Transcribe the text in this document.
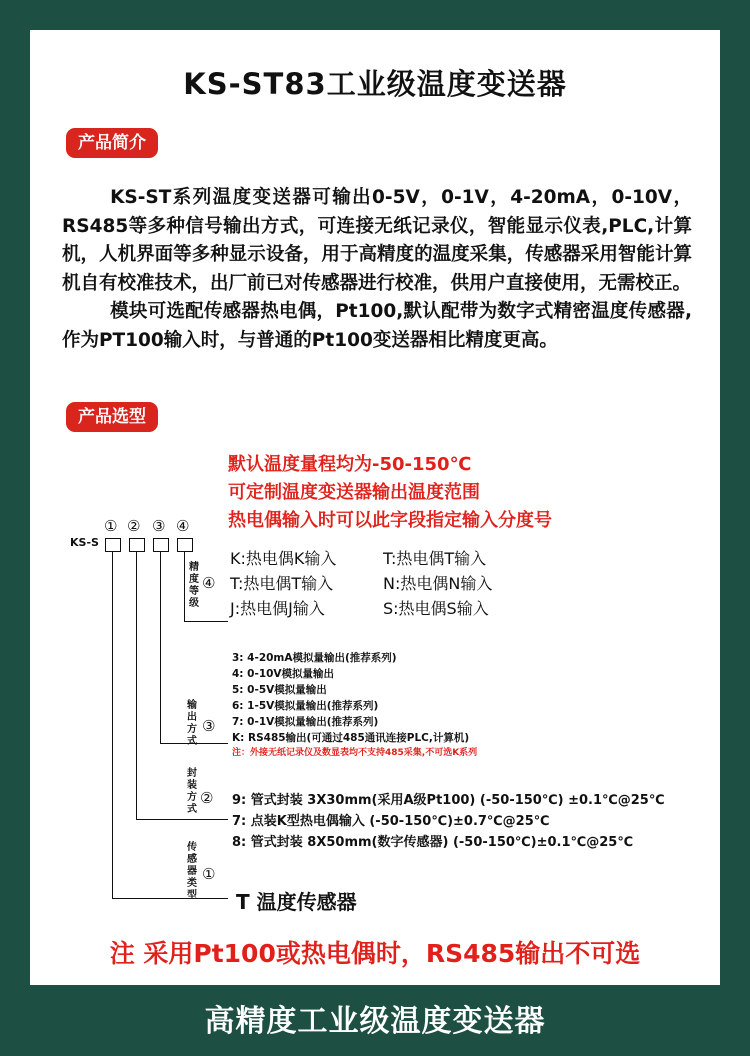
KS-ST83工业级温度变送器
产品简介

KS-ST系列温度变送器可输出0-5V，0-1V，4-20mA，0-10V，RS485等多种信号输出方式，可连接无纸记录仪，智能显示仪表,PLC,计算机，人机界面等多种显示设备，用于高精度的温度采集，传感器采用智能计算机自有校准技术，出厂前已对传感器进行校准，供用户直接使用，无需校正。

模块可选配传感器热电偶，Pt100,默认配带为数字式精密温度传感器,作为PT100输入时，与普通的Pt100变送器相比精度更高。

产品选型
默认温度量程均为-50-150℃
可定制温度变送器输出温度范围
热电偶输入时可以此字段指定输入分度号
KS-S
① ② ③ ④
精度等级
④
K:热电偶K输入	T:热电偶T输入
T:热电偶T输入	N:热电偶N输入
J:热电偶J输入	S:热电偶S输入
输出方式
③
3: 4-20mA模拟量输出(推荐系列)
4: 0-10V模拟量输出
5: 0-5V模拟量输出
6: 1-5V模拟量输出(推荐系列)
7: 0-1V模拟量输出(推荐系列)
K: RS485输出(可通过485通讯连接PLC,计算机)
注：外接无纸记录仪及数显表均不支持485采集,不可选K系列
封装方式
② 9: 管式封装 3X30mm(采用A级Pt100) (-50-150℃) ±0.1℃@25℃
7: 点装K型热电偶输入 (-50-150℃)±0.7℃@25℃
8: 管式封装 8X50mm(数字传感器) (-50-150℃)±0.1℃@25℃
传感器类型
①
T 温度传感器
注 采用Pt100或热电偶时，RS485输出不可选
高精度工业级温度变送器
